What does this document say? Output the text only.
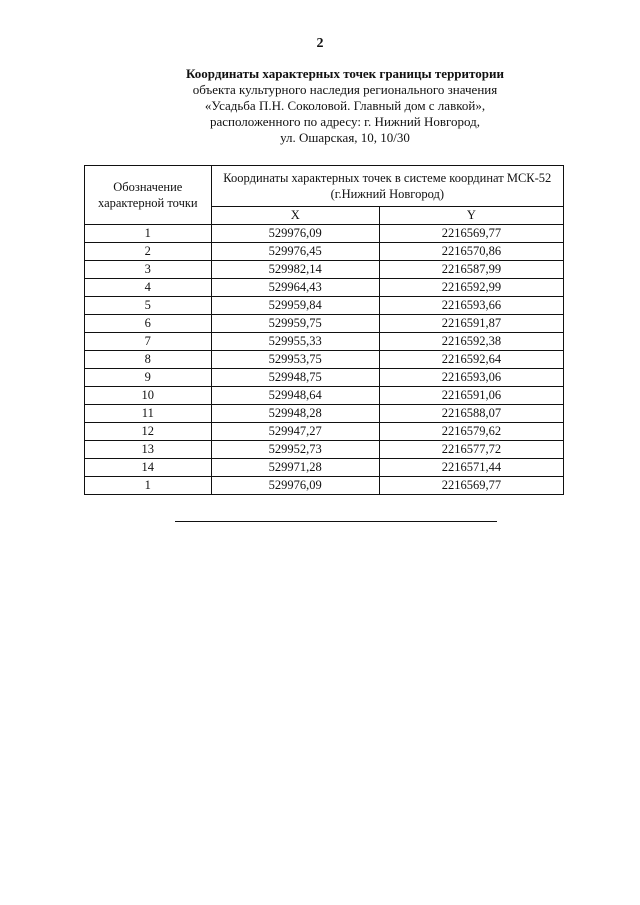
2
Координаты характерных точек границы территории
объекта культурного наследия регионального значения
«Усадьба П.Н. Соколовой. Главный дом с лавкой»,
расположенного по адресу: г. Нижний Новгород,
ул. Ошарская, 10, 10/30
Обозначение характерной точки	Координаты характерных точек в системе координат МСК-52 (г.Нижний Новгород)	
	X	Y
1	529976,09	2216569,77
2	529976,45	2216570,86
3	529982,14	2216587,99
4	529964,43	2216592,99
5	529959,84	2216593,66
6	529959,75	2216591,87
7	529955,33	2216592,38
8	529953,75	2216592,64
9	529948,75	2216593,06
10	529948,64	2216591,06
11	529948,28	2216588,07
12	529947,27	2216579,62
13	529952,73	2216577,72
14	529971,28	2216571,44
1	529976,09	2216569,77
